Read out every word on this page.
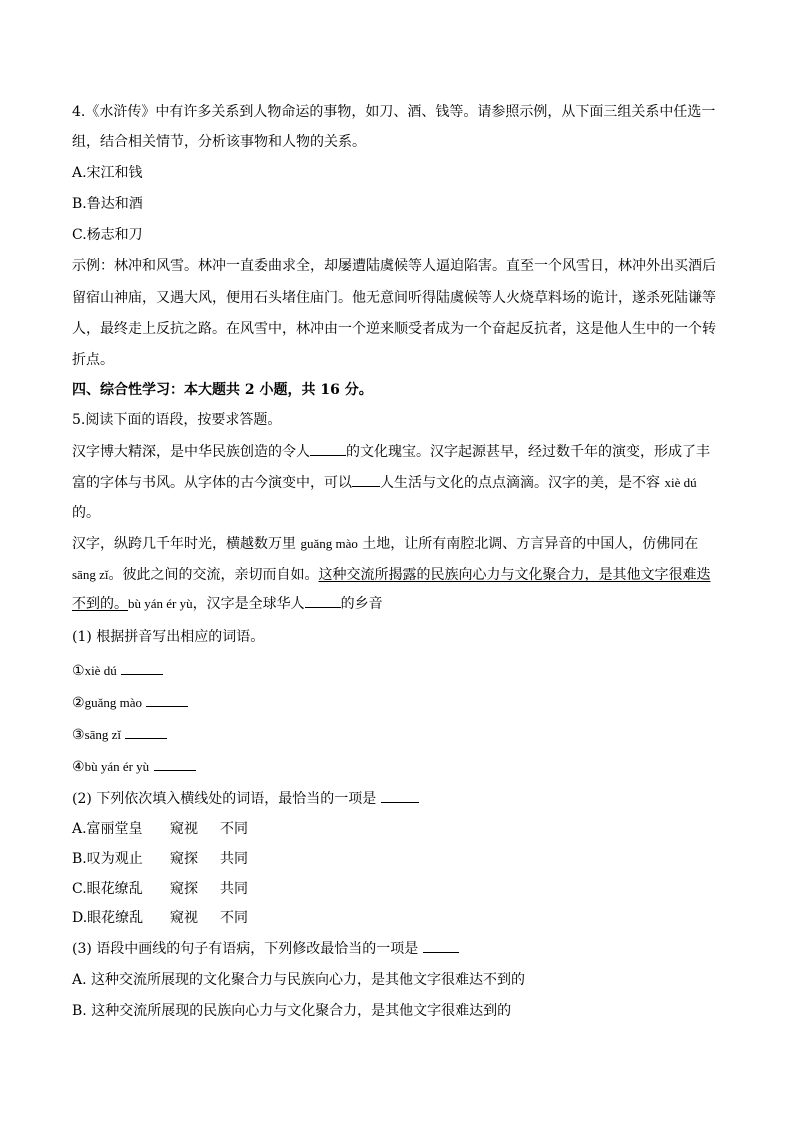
4.《水浒传》中有许多关系到人物命运的事物，如刀、酒、钱等。请参照示例，从下面三组关系中任选一
组，结合相关情节，分析该事物和人物的关系。
A.宋江和钱
B.鲁达和酒
C.杨志和刀
示例：林冲和风雪。林冲一直委曲求全，却屡遭陆虞候等人逼迫陷害。直至一个风雪日，林冲外出买酒后
留宿山神庙，又遇大风，便用石头堵住庙门。他无意间听得陆虞候等人火烧草料场的诡计，遂杀死陆谦等
人，最终走上反抗之路。在风雪中，林冲由一个逆来顺受者成为一个奋起反抗者，这是他人生中的一个转
折点。
四、综合性学习：本大题共 2 小题，共 16 分。
5.阅读下面的语段，按要求答题。
汉字博大精深，是中华民族创造的令人	的文化瑰宝。汉字起源甚早，经过数千年的演变，形成了丰
富的字体与书风。从字体的古今演变中，可以 人生活与文化的点点滴滴。汉字的美，是不容 xiè dú
的。
汉字，纵跨几千年时光，横越数万里 guǎng mào 土地，让所有南腔北调、方言异音的中国人，仿佛同在
sāng zǐ。彼此之间的交流，亲切而自如。这种交流所揭露的民族向心力与文化聚合力，是其他文字很难迭
不到的。bù yán ér yù，汉字是全球华人	的乡音
(1) 根据拼音写出相应的词语。
①xiè dú
②guǎng mào
③sāng zǐ
④bù yán ér yù
(2) 下列依次填入横线处的词语，最恰当的一项是
A.富丽堂皇 窥视 不同
B.叹为观止 窥探 共同
C.眼花缭乱 窥探 共同
D.眼花缭乱 窥视 不同
(3) 语段中画线的句子有语病，下列修改最恰当的一项是
A. 这种交流所展现的文化聚合力与民族向心力，是其他文字很难达不到的
B. 这种交流所展现的民族向心力与文化聚合力，是其他文字很难达到的
